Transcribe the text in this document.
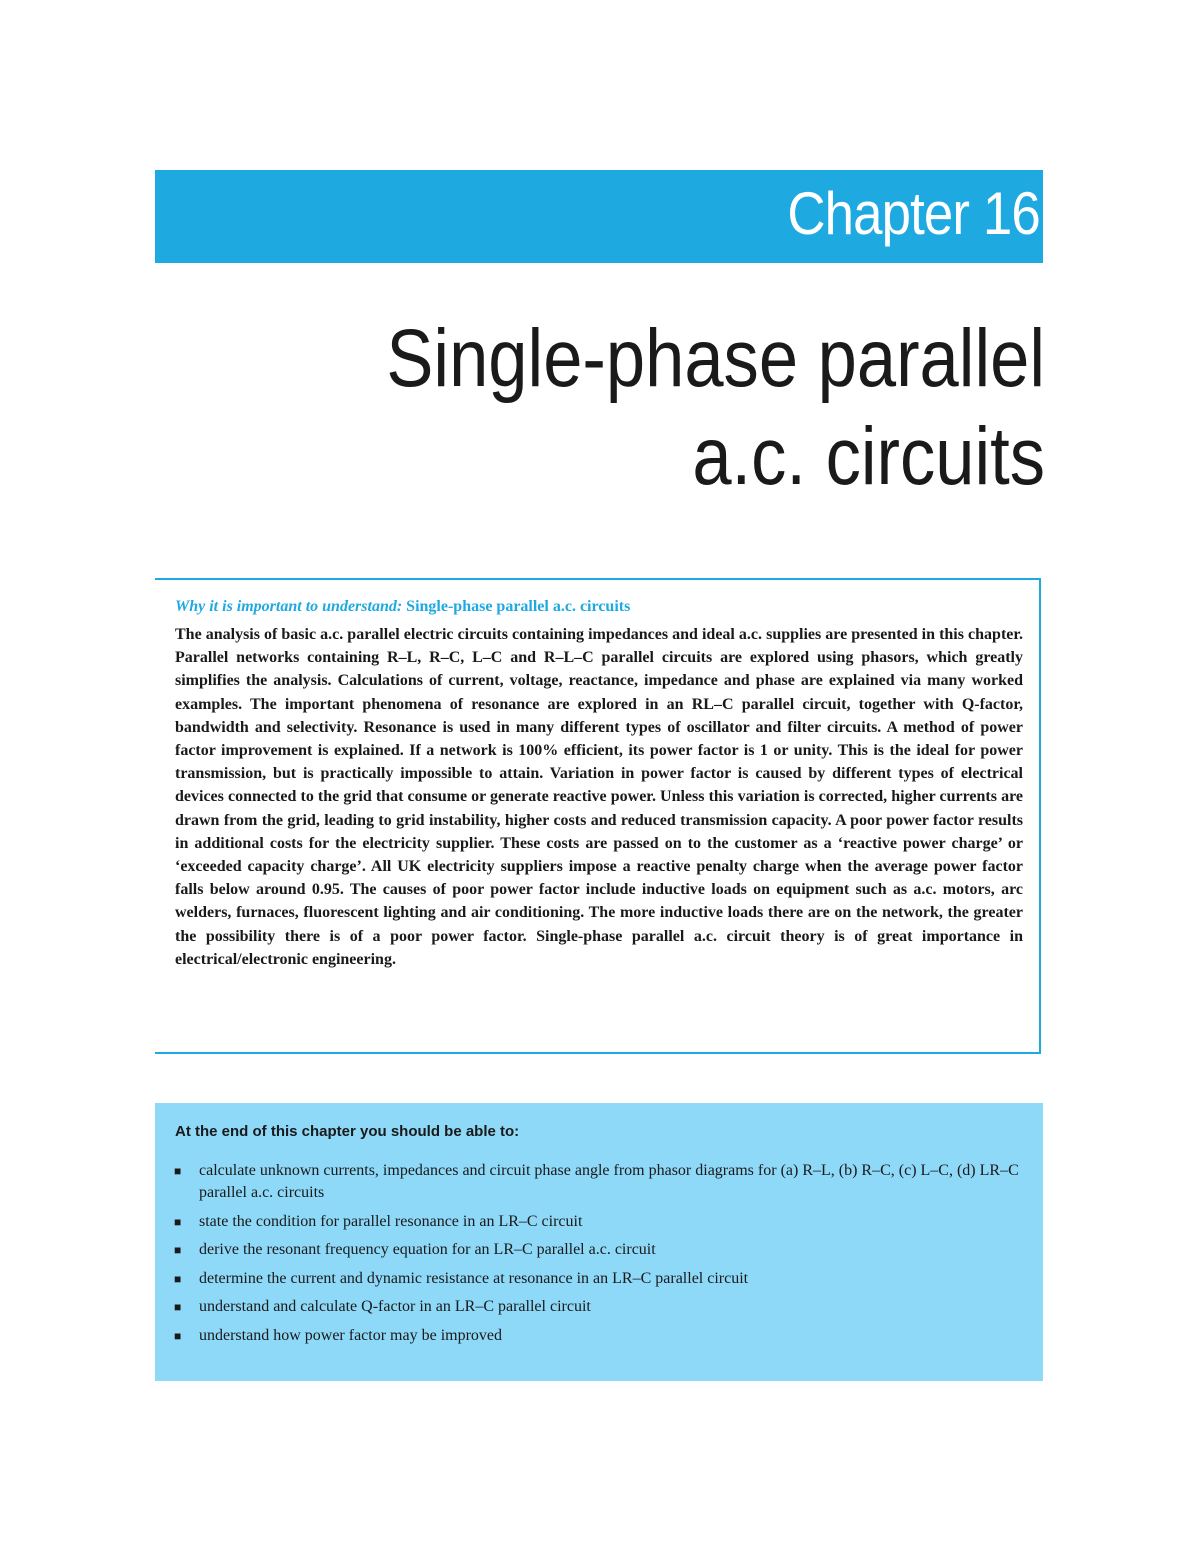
Chapter 16
Single-phase parallel
a.c. circuits
Why it is important to understand: Single-phase parallel a.c. circuits
The analysis of basic a.c. parallel electric circuits containing impedances and ideal a.c. supplies are presented in this chapter. Parallel networks containing R–L, R–C, L–C and R–L–C parallel circuits are explored using phasors, which greatly simplifies the analysis. Calculations of current, voltage, reactance, impedance and phase are explained via many worked examples. The important phenomena of resonance are explored in an RL–C parallel circuit, together with Q-factor, bandwidth and selectivity. Resonance is used in many different types of oscillator and filter circuits. A method of power factor improvement is explained. If a network is 100% efficient, its power factor is 1 or unity. This is the ideal for power transmission, but is practically impossible to attain. Variation in power factor is caused by different types of electrical devices connected to the grid that consume or generate reactive power. Unless this variation is corrected, higher currents are drawn from the grid, leading to grid instability, higher costs and reduced transmission capacity. A poor power factor results in additional costs for the electricity supplier. These costs are passed on to the customer as a ‘reactive power charge’ or ‘exceeded capacity charge’. All UK electricity suppliers impose a reactive penalty charge when the average power factor falls below around 0.95. The causes of poor power factor include inductive loads on equipment such as a.c. motors, arc welders, furnaces, fluorescent lighting and air conditioning. The more inductive loads there are on the network, the greater the possibility there is of a poor power factor. Single-phase parallel a.c. circuit theory is of great importance in electrical/electronic engineering.
At the end of this chapter you should be able to:
■ calculate unknown currents, impedances and circuit phase angle from phasor diagrams for (a) R–L, (b) R–C, (c) L–C, (d) LR–C parallel a.c. circuits
■ state the condition for parallel resonance in an LR–C circuit
■ derive the resonant frequency equation for an LR–C parallel a.c. circuit
■ determine the current and dynamic resistance at resonance in an LR–C parallel circuit
■ understand and calculate Q-factor in an LR–C parallel circuit
■ understand how power factor may be improved
